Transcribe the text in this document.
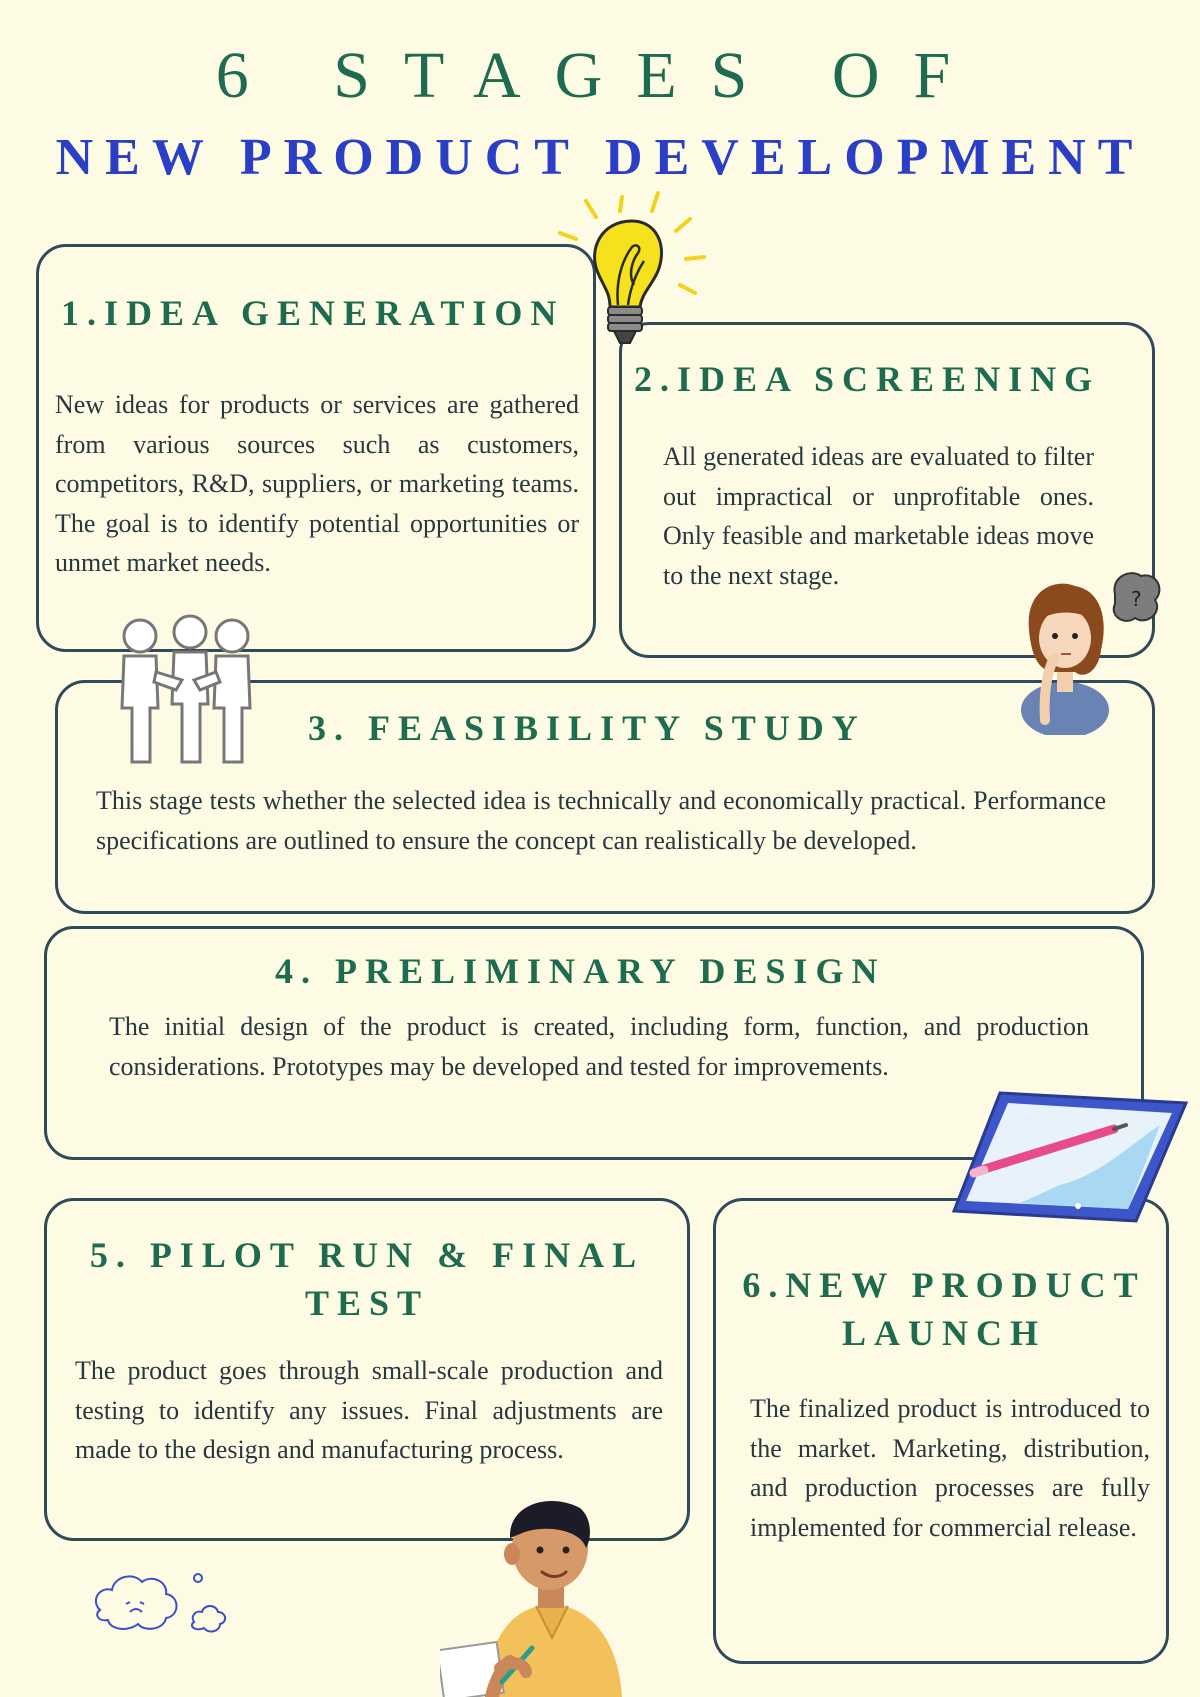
6 STAGES OF
NEW PRODUCT DEVELOPMENT
1.IDEA GENERATION
New ideas for products or services are gathered from various sources such as customers, competitors, R&D, suppliers, or marketing teams. The goal is to identify potential opportunities or unmet market needs.
2.IDEA SCREENING
All generated ideas are evaluated to filter out impractical or unprofitable ones. Only feasible and marketable ideas move to the next stage.
3. FEASIBILITY STUDY
This stage tests whether the selected idea is technically and economically practical. Performance specifications are outlined to ensure the concept can realistically be developed.
4. PRELIMINARY DESIGN
The initial design of the product is created, including form, function, and production considerations. Prototypes may be developed and tested for improvements.
5. PILOT RUN & FINAL TEST
The product goes through small-scale production and testing to identify any issues. Final adjustments are made to the design and manufacturing process.
6.NEW PRODUCT LAUNCH
The finalized product is introduced to the market. Marketing, distribution, and production processes are fully implemented for commercial release.
?
